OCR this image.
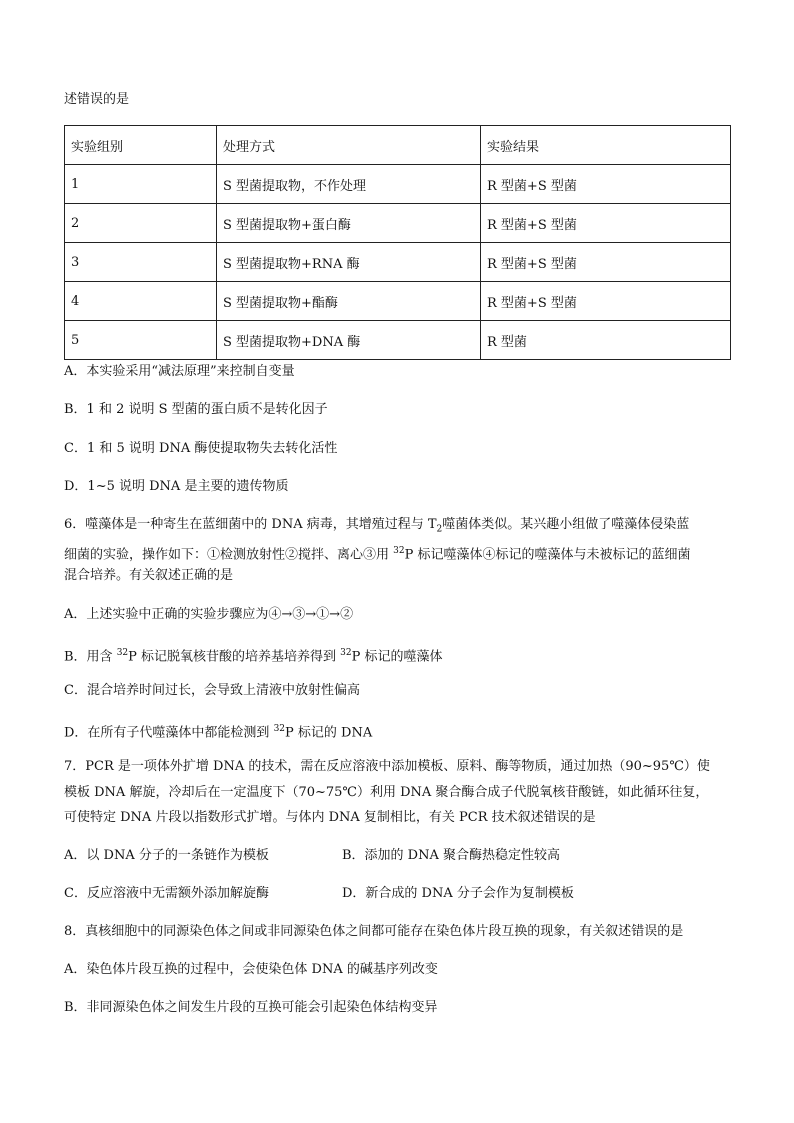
述错误的是
实验组别	处理方式	实验结果
1	S 型菌提取物，不作处理	R 型菌+S 型菌
2	S 型菌提取物+蛋白酶	R 型菌+S 型菌
3	S 型菌提取物+RNA 酶	R 型菌+S 型菌
4	S 型菌提取物+酯酶	R 型菌+S 型菌
5	S 型菌提取物+DNA 酶	R 型菌
A．本实验采用“减法原理”来控制自变量
B．1 和 2 说明 S 型菌的蛋白质不是转化因子
C．1 和 5 说明 DNA 酶使提取物失去转化活性
D．1~5 说明 DNA 是主要的遗传物质
6．噬藻体是一种寄生在蓝细菌中的 DNA 病毒，其增殖过程与 $T_2$噬菌体类似。某兴趣小组做了噬藻体侵染蓝
细菌的实验，操作如下：①检测放射性②搅拌、离心③用 $^{32}$P 标记噬藻体④标记的噬藻体与未被标记的蓝细菌
混合培养。有关叙述正确的是
A．上述实验中正确的实验步骤应为④→③→①→②
B．用含 $^{32}$P 标记脱氧核苷酸的培养基培养得到 $^{32}$P 标记的噬藻体
C．混合培养时间过长，会导致上清液中放射性偏高
D．在所有子代噬藻体中都能检测到 $^{32}$P 标记的 DNA
7．PCR 是一项体外扩增 DNA 的技术，需在反应溶液中添加模板、原料、酶等物质，通过加热（90~95℃）使
模板 DNA 解旋，冷却后在一定温度下（70~75℃）利用 DNA 聚合酶合成子代脱氧核苷酸链，如此循环往复，
可使特定 DNA 片段以指数形式扩增。与体内 DNA 复制相比，有关 PCR 技术叙述错误的是
A．以 DNA 分子的一条链作为模板	B．添加的 DNA 聚合酶热稳定性较高
C．反应溶液中无需额外添加解旋酶	D．新合成的 DNA 分子会作为复制模板
8．真核细胞中的同源染色体之间或非同源染色体之间都可能存在染色体片段互换的现象，有关叙述错误的是
A．染色体片段互换的过程中，会使染色体 DNA 的碱基序列改变
B．非同源染色体之间发生片段的互换可能会引起染色体结构变异
